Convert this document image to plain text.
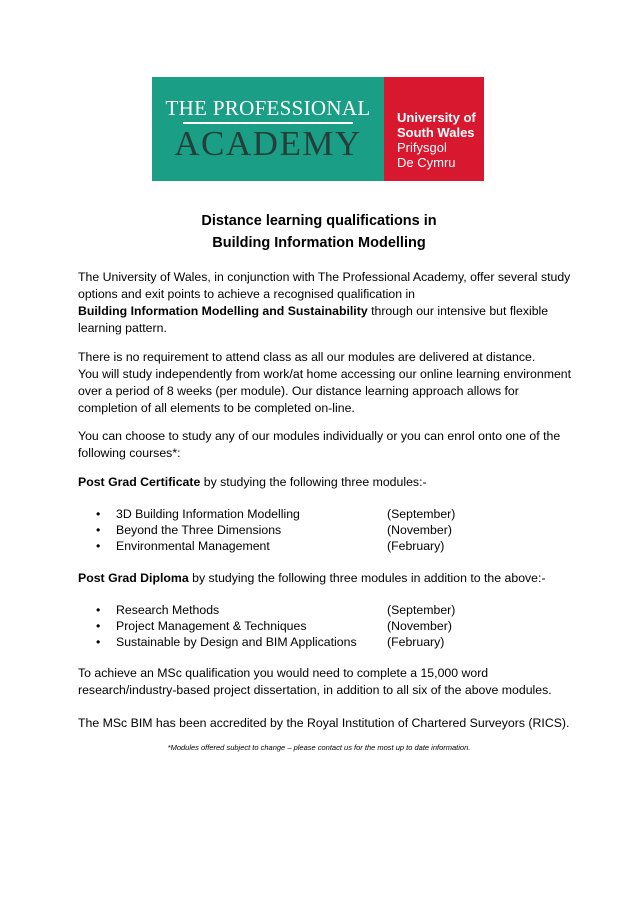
THE PROFESSIONAL
ACADEMY
University of
South Wales
Prifysgol
De Cymru
Distance learning qualifications in
Building Information Modelling
The University of Wales, in conjunction with The Professional Academy, offer several study
options and exit points to achieve a recognised qualification in
Building Information Modelling and Sustainability through our intensive but flexible
learning pattern.
There is no requirement to attend class as all our modules are delivered at distance.
You will study independently from work/at home accessing our online learning environment
over a period of 8 weeks (per module). Our distance learning approach allows for
completion of all elements to be completed on-line.
You can choose to study any of our modules individually or you can enrol onto one of the
following courses*:
Post Grad Certificate by studying the following three modules:-
• 3D Building Information Modelling	(September)
• Beyond the Three Dimensions	(November)
• Environmental Management	(February)
Post Grad Diploma by studying the following three modules in addition to the above:-
• Research Methods	(September)
• Project Management & Techniques	(November)
• Sustainable by Design and BIM Applications (February)
To achieve an MSc qualification you would need to complete a 15,000 word
research/industry-based project dissertation, in addition to all six of the above modules.
The MSc BIM has been accredited by the Royal Institution of Chartered Surveyors (RICS).
*Modules offered subject to change – please contact us for the most up to date information.
